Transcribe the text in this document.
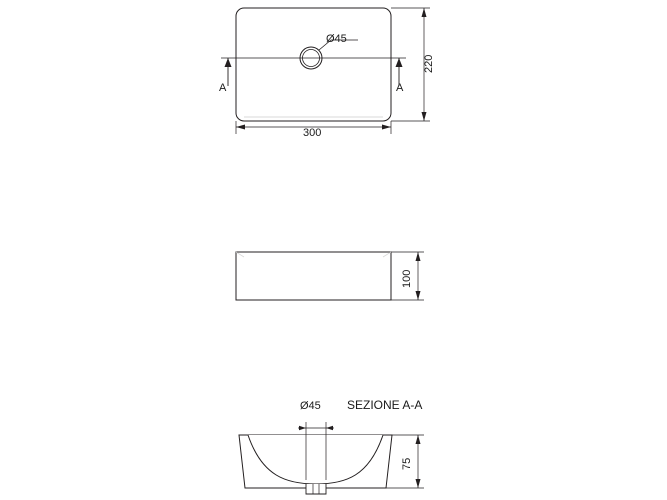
Ø45
A	A
300
220
100
Ø45 SEZIONE A-A
75
